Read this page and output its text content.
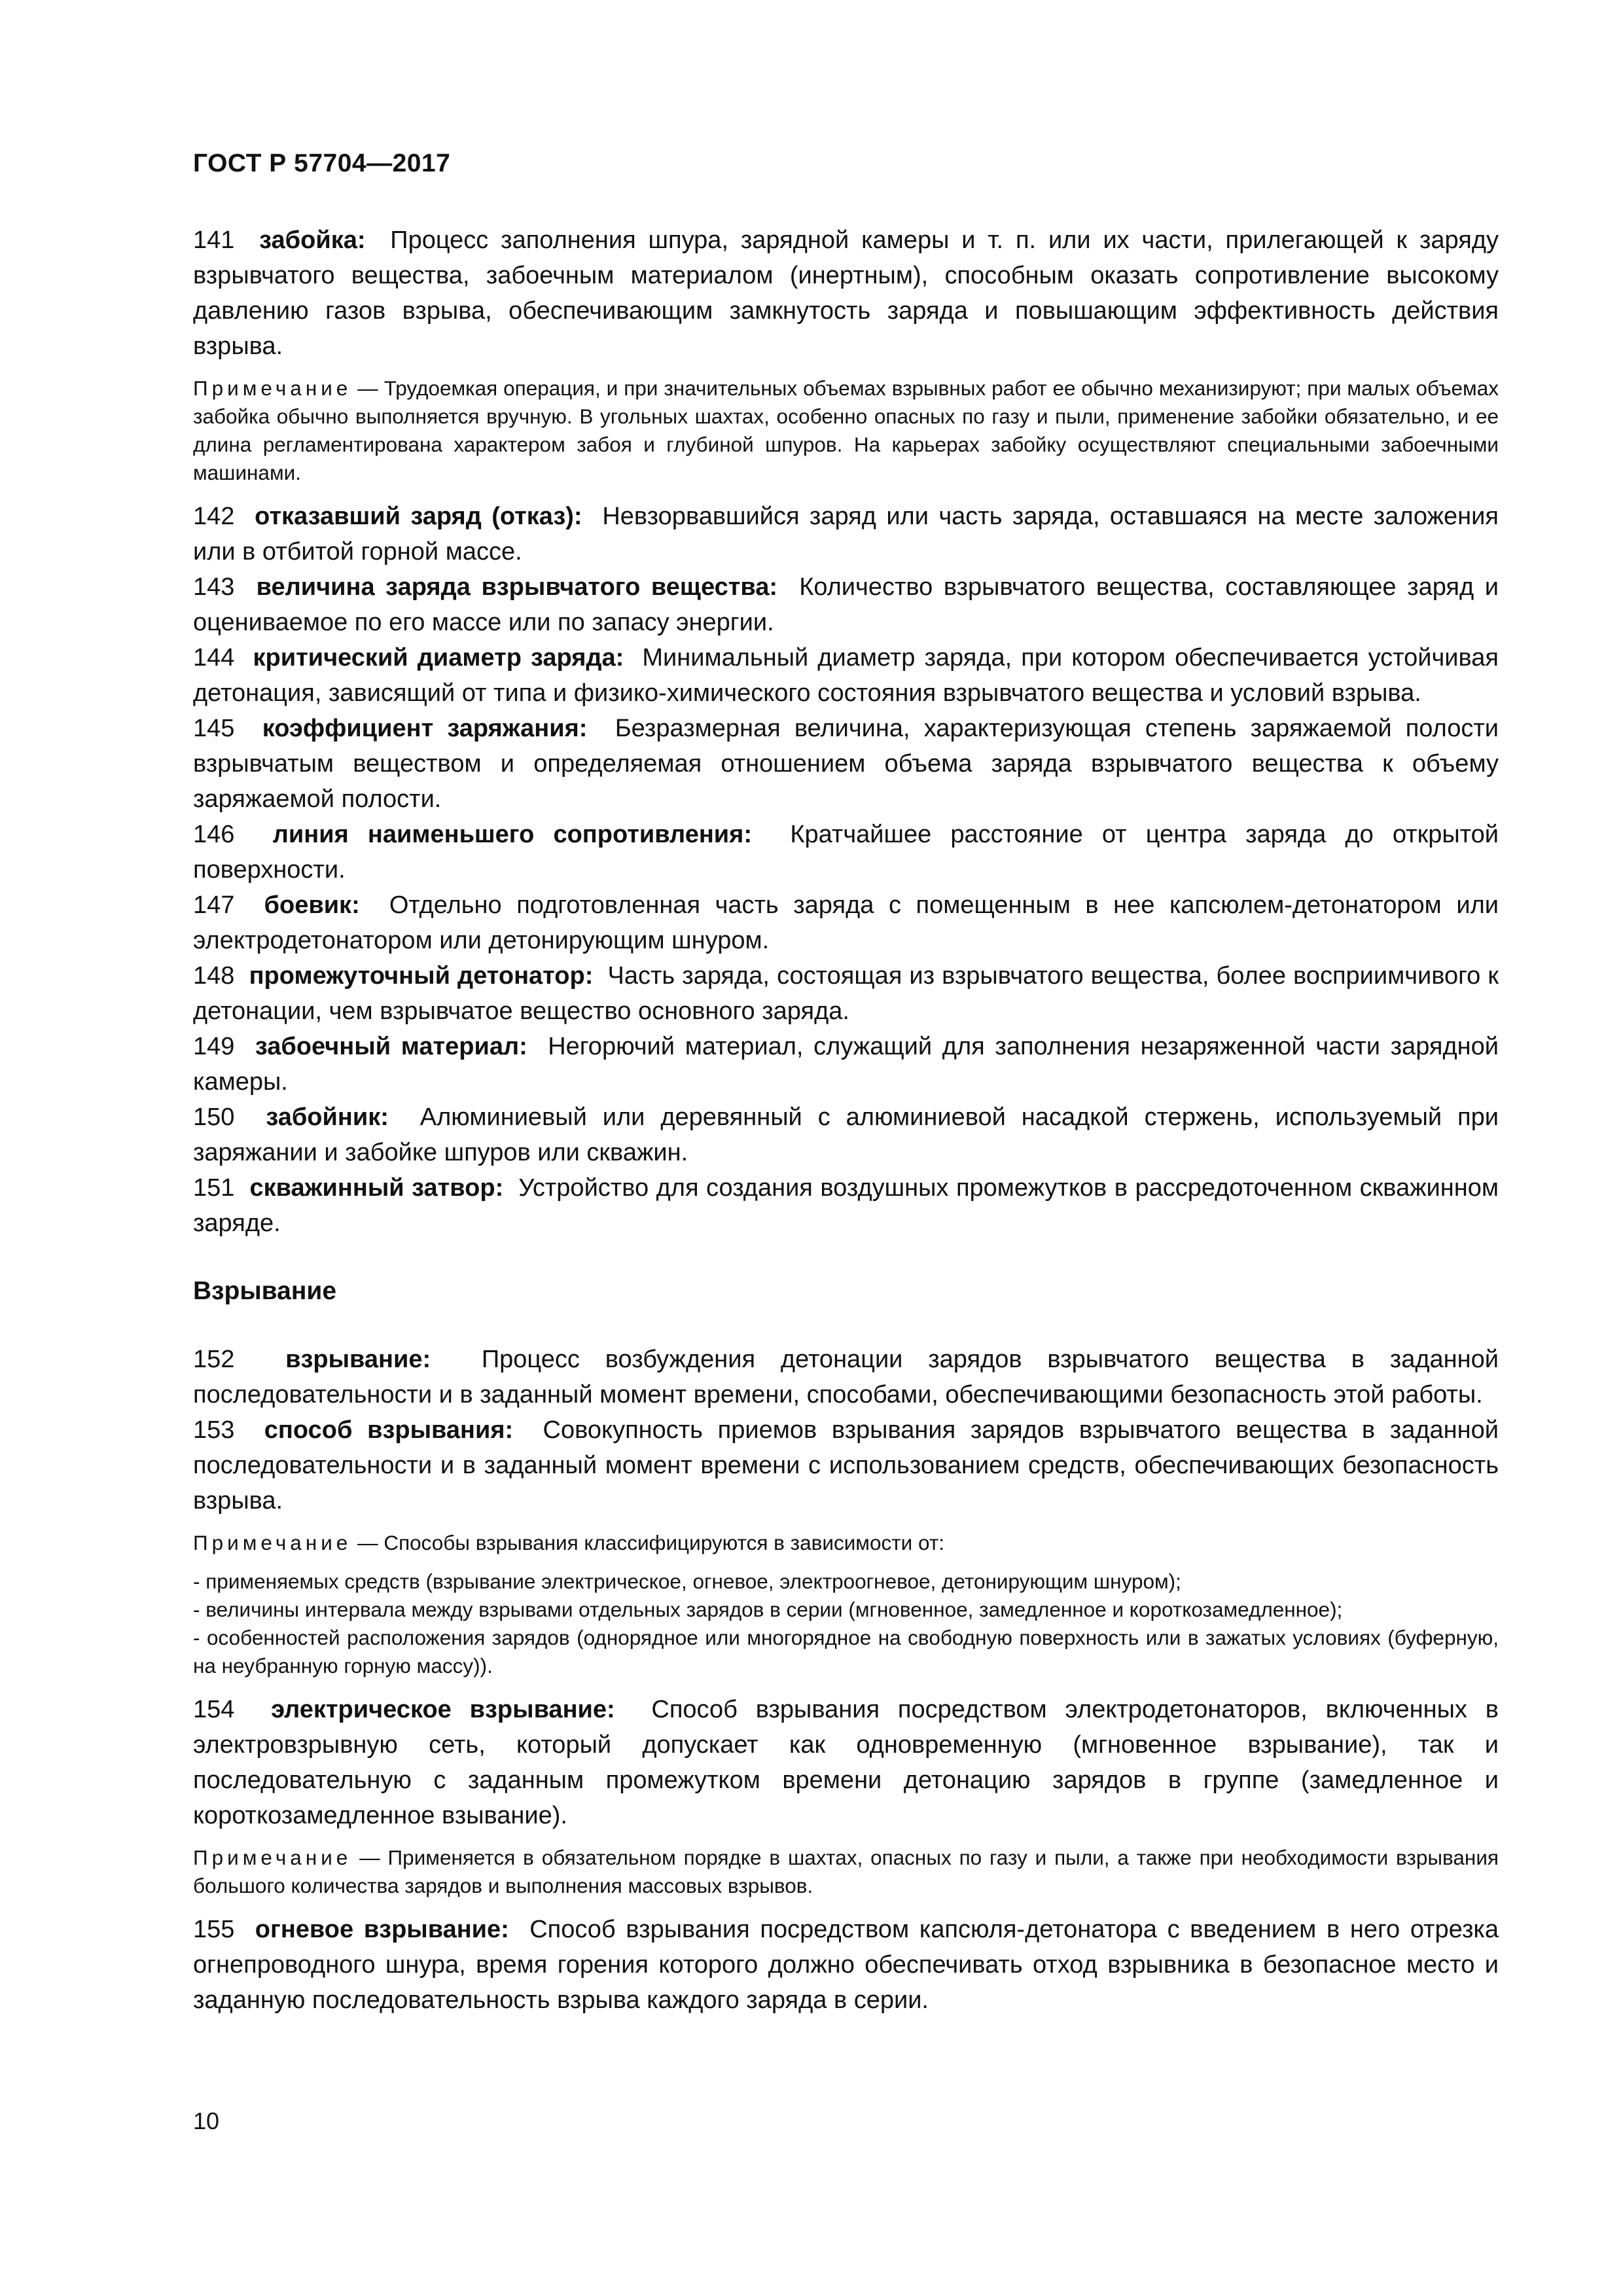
ГОСТ Р 57704—2017

141 забойка: Процесс заполнения шпура, зарядной камеры и т. п. или их части, прилегающей к заряду взрывчатого вещества, забоечным материалом (инертным), способным оказать сопротивление высокому давлению газов взрыва, обеспечивающим замкнутость заряда и повышающим эффективность действия взрыва.

Примечание — Трудоемкая операция, и при значительных объемах взрывных работ ее обычно механизируют; при малых объемах забойка обычно выполняется вручную. В угольных шахтах, особенно опасных по газу и пыли, применение забойки обязательно, и ее длина регламентирована характером забоя и глубиной шпуров. На карьерах забойку осуществляют специальными забоечными машинами.

142 отказавший заряд (отказ): Невзорвавшийся заряд или часть заряда, оставшаяся на месте заложения или в отбитой горной массе.

143 величина заряда взрывчатого вещества: Количество взрывчатого вещества, составляющее заряд и оцениваемое по его массе или по запасу энергии.

144 критический диаметр заряда: Минимальный диаметр заряда, при котором обеспечивается устойчивая детонация, зависящий от типа и физико-химического состояния взрывчатого вещества и условий взрыва.

145 коэффициент заряжания: Безразмерная величина, характеризующая степень заряжаемой полости взрывчатым веществом и определяемая отношением объема заряда взрывчатого вещества к объему заряжаемой полости.

146 линия наименьшего сопротивления: Кратчайшее расстояние от центра заряда до открытой поверхности.

147 боевик: Отдельно подготовленная часть заряда с помещенным в нее капсюлем-детонатором или электродетонатором или детонирующим шнуром.

148 промежуточный детонатор: Часть заряда, состоящая из взрывчатого вещества, более восприимчивого к детонации, чем взрывчатое вещество основного заряда.

149 забоечный материал: Негорючий материал, служащий для заполнения незаряженной части зарядной камеры.

150 забойник: Алюминиевый или деревянный с алюминиевой насадкой стержень, используемый при заряжании и забойке шпуров или скважин.

151 скважинный затвор: Устройство для создания воздушных промежутков в рассредоточенном скважинном заряде.

Взрывание

152 взрывание: Процесс возбуждения детонации зарядов взрывчатого вещества в заданной последовательности и в заданный момент времени, способами, обеспечивающими безопасность этой работы.

153 способ взрывания: Совокупность приемов взрывания зарядов взрывчатого вещества в заданной последовательности и в заданный момент времени с использованием средств, обеспечивающих безопасность взрыва.

Примечание — Способы взрывания классифицируются в зависимости от:

- применяемых средств (взрывание электрическое, огневое, электроогневое, детонирующим шнуром);

- величины интервала между взрывами отдельных зарядов в серии (мгновенное, замедленное и короткозамедленное);

- особенностей расположения зарядов (однорядное или многорядное на свободную поверхность или в зажатых условиях (буферную, на неубранную горную массу)).

154 электрическое взрывание: Способ взрывания посредством электродетонаторов, включенных в электровзрывную сеть, который допускает как одновременную (мгновенное взрывание), так и последовательную с заданным промежутком времени детонацию зарядов в группе (замедленное и короткозамедленное взывание).

Примечание — Применяется в обязательном порядке в шахтах, опасных по газу и пыли, а также при необходимости взрывания большого количества зарядов и выполнения массовых взрывов.

155 огневое взрывание: Способ взрывания посредством капсюля-детонатора с введением в него отрезка огнепроводного шнура, время горения которого должно обеспечивать отход взрывника в безопасное место и заданную последовательность взрыва каждого заряда в серии.

10
